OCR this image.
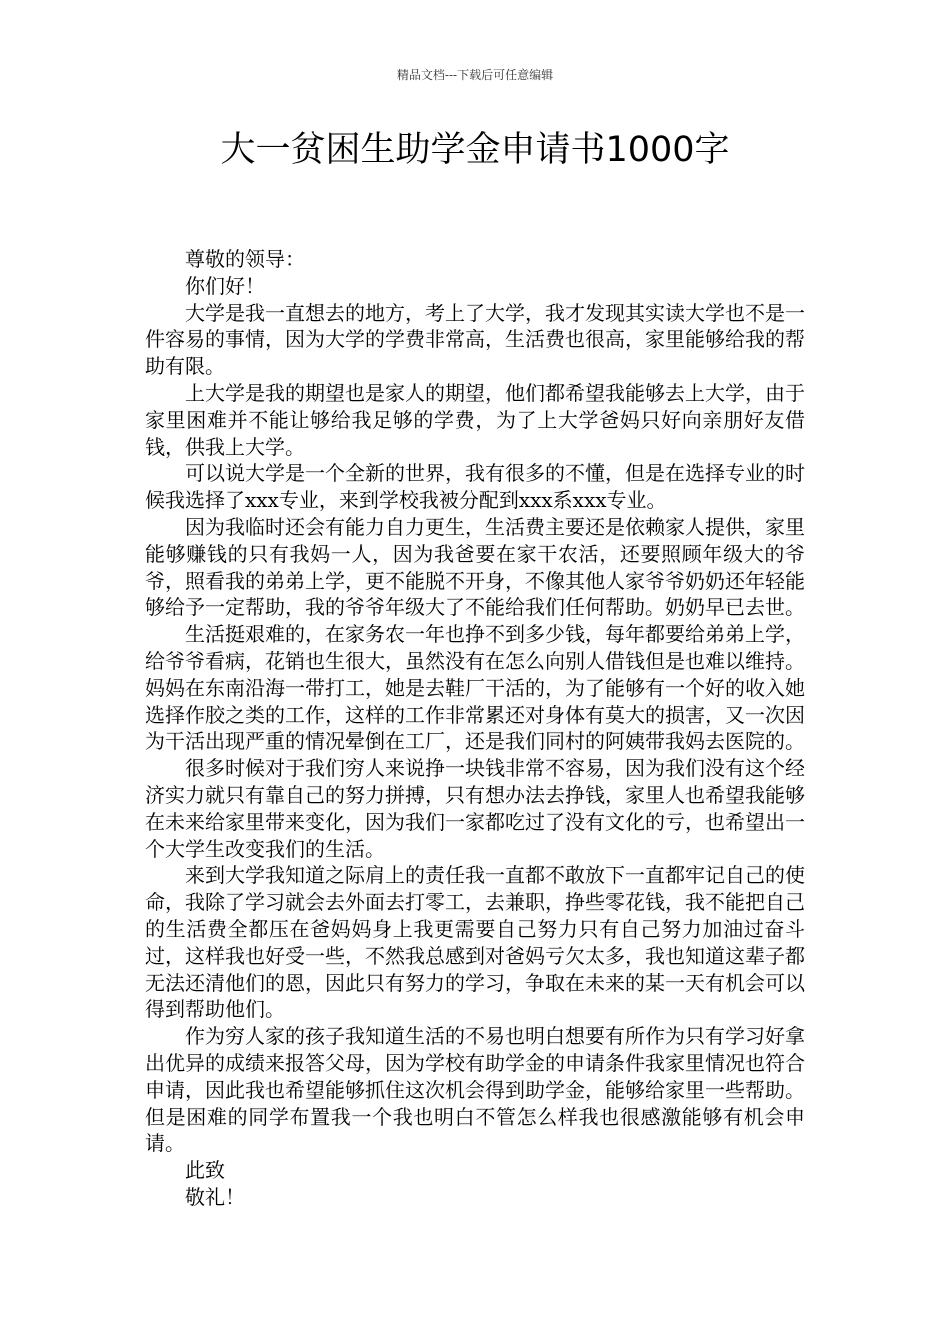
精品文档---下载后可任意编辑
大一贫困生助学金申请书1000字

尊敬的领导：

你们好！

大学是我一直想去的地方，考上了大学，我才发现其实读大学也不是一件容易的事情，因为大学的学费非常高，生活费也很高，家里能够给我的帮助有限。

上大学是我的期望也是家人的期望，他们都希望我能够去上大学，由于家里困难并不能让够给我足够的学费，为了上大学爸妈只好向亲朋好友借钱，供我上大学。

可以说大学是一个全新的世界，我有很多的不懂，但是在选择专业的时候我选择了xxx专业，来到学校我被分配到xxx系xxx专业。

因为我临时还会有能力自力更生，生活费主要还是依赖家人提供，家里能够赚钱的只有我妈一人，因为我爸要在家干农活，还要照顾年级大的爷爷，照看我的弟弟上学，更不能脱不开身，不像其他人家爷爷奶奶还年轻能够给予一定帮助，我的爷爷年级大了不能给我们任何帮助。奶奶早已去世。

生活挺艰难的，在家务农一年也挣不到多少钱，每年都要给弟弟上学，给爷爷看病，花销也生很大，虽然没有在怎么向别人借钱但是也难以维持。妈妈在东南沿海一带打工，她是去鞋厂干活的，为了能够有一个好的收入她选择作胶之类的工作，这样的工作非常累还对身体有莫大的损害，又一次因为干活出现严重的情况晕倒在工厂，还是我们同村的阿姨带我妈去医院的。

很多时候对于我们穷人来说挣一块钱非常不容易，因为我们没有这个经济实力就只有靠自己的努力拼搏，只有想办法去挣钱，家里人也希望我能够在未来给家里带来变化，因为我们一家都吃过了没有文化的亏，也希望出一个大学生改变我们的生活。

来到大学我知道之际肩上的责任我一直都不敢放下一直都牢记自己的使命，我除了学习就会去外面去打零工，去兼职，挣些零花钱，我不能把自己的生活费全都压在爸妈妈身上我更需要自己努力只有自己努力加油过奋斗过，这样我也好受一些，不然我总感到对爸妈亏欠太多，我也知道这辈子都无法还清他们的恩，因此只有努力的学习，争取在未来的某一天有机会可以得到帮助他们。

作为穷人家的孩子我知道生活的不易也明白想要有所作为只有学习好拿出优异的成绩来报答父母，因为学校有助学金的申请条件我家里情况也符合申请，因此我也希望能够抓住这次机会得到助学金，能够给家里一些帮助。但是困难的同学布置我一个我也明白不管怎么样我也很感激能够有机会申请。

此致

敬礼！
